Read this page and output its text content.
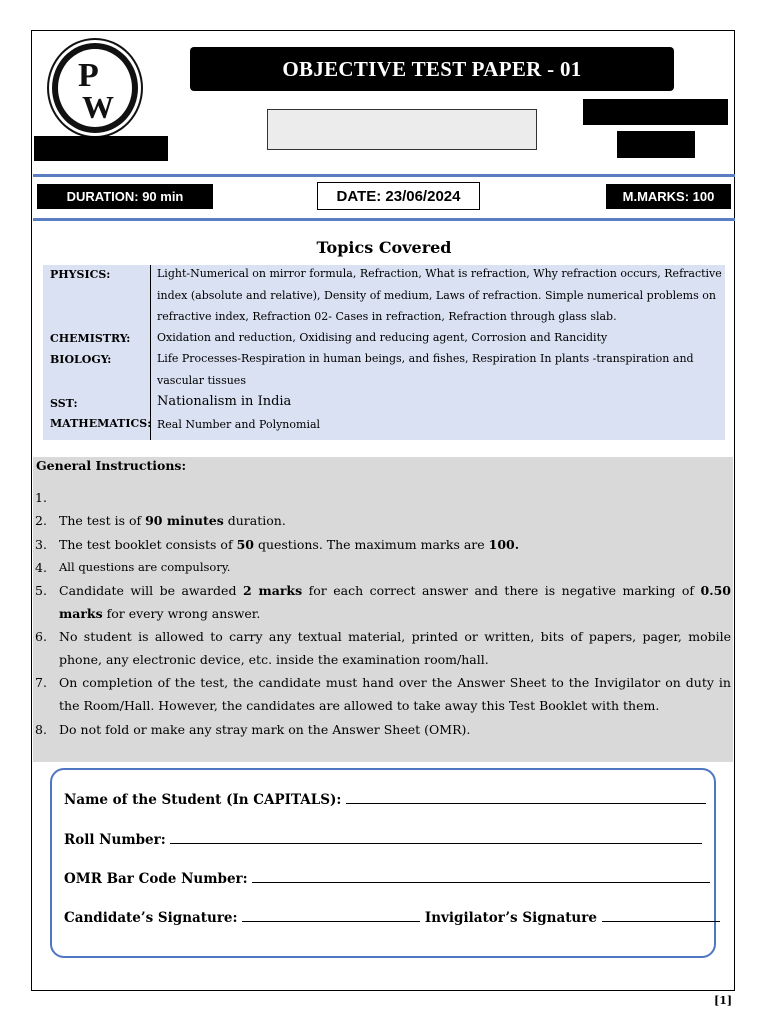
P
W
OBJECTIVE TEST PAPER - 01
DURATION: 90 min	DATE: 23/06/2024	M.MARKS: 100
Topics Covered
PHYSICS:	Light-Numerical on mirror formula, Refraction, What is refraction, Why refraction occurs, Refractive index (absolute and relative), Density of medium, Laws of refraction. Simple numerical problems on refractive index, Refraction 02- Cases in refraction, Refraction through glass slab.
CHEMISTRY: Oxidation and reduction, Oxidising and reducing agent, Corrosion and Rancidity
BIOLOGY:	Life Processes-Respiration in human beings, and fishes, Respiration In plants -transpiration and vascular tissues
SST:	Nationalism in India
MATHEMATICS: Real Number and Polynomial
General Instructions:
1.
2. The test is of 90 minutes duration.
3. The test booklet consists of 50 questions. The maximum marks are 100.
4. All questions are compulsory.
5. Candidate will be awarded 2 marks for each correct answer and there is negative marking of 0.50 marks for every wrong answer.
6. No student is allowed to carry any textual material, printed or written, bits of papers, pager, mobile phone, any electronic device, etc. inside the examination room/hall.
7. On completion of the test, the candidate must hand over the Answer Sheet to the Invigilator on duty in the Room/Hall. However, the candidates are allowed to take away this Test Booklet with them.
8. Do not fold or make any stray mark on the Answer Sheet (OMR).
Name of the Student (In CAPITALS):
Roll Number:
OMR Bar Code Number:
Candidate’s Signature:	Invigilator’s Signature
[1]
